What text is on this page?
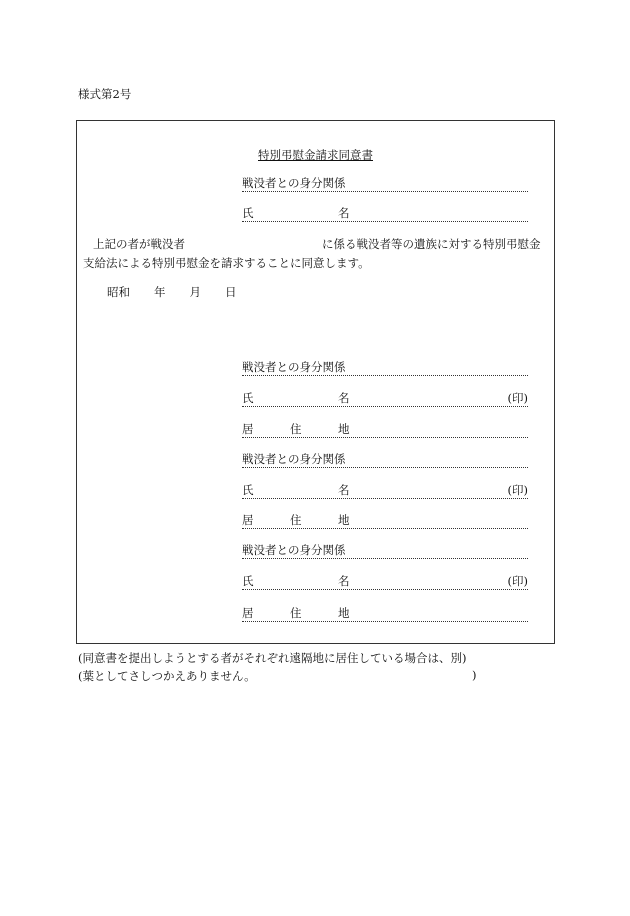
様式第2号
特別弔慰金請求同意書
戦没者との身分関係
氏	名
上記の者が戦没者	に係る戦没者等の遺族に対する特別弔慰金
支給法による特別弔慰金を請求することに同意します。
昭和 年 月 日
戦没者との身分関係
氏	名	(印)
居	住	地
戦没者との身分関係
氏	名	(印)
居	住	地
戦没者との身分関係
氏	名	(印)
居	住	地
(同意書を提出しようとする者がそれぞれ遠隔地に居住している場合は、別)
(葉としてさしつかえありません。	)
